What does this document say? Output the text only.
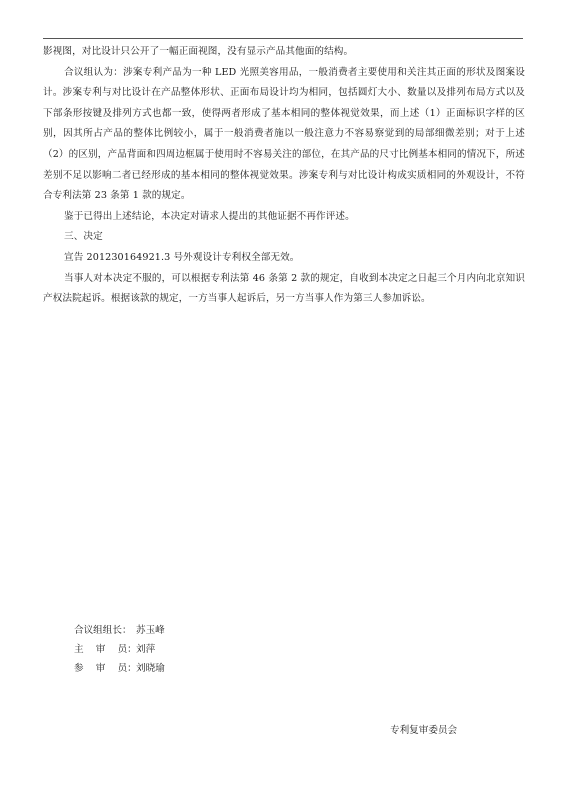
影视图，对比设计只公开了一幅正面视图，没有显示产品其他面的结构。

合议组认为：涉案专利产品为一种 LED 光照美容用品，一般消费者主要使用和关注其正面的形状及图案设计。涉案专利与对比设计在产品整体形状、正面布局设计均为相同，包括圆灯大小、数量以及排列布局方式以及下部条形按键及排列方式也都一致，使得两者形成了基本相同的整体视觉效果，而上述（1）正面标识字样的区别，因其所占产品的整体比例较小，属于一般消费者施以一般注意力不容易察觉到的局部细微差别；对于上述（2）的区别，产品背面和四周边框属于使用时不容易关注的部位，在其产品的尺寸比例基本相同的情况下，所述差别不足以影响二者已经形成的基本相同的整体视觉效果。涉案专利与对比设计构成实质相同的外观设计，不符合专利法第 23 条第 1 款的规定。

鉴于已得出上述结论，本决定对请求人提出的其他证据不再作评述。

三、决定

宣告 201230164921.3 号外观设计专利权全部无效。

当事人对本决定不服的，可以根据专利法第 46 条第 2 款的规定，自收到本决定之日起三个月内向北京知识产权法院起诉。根据该款的规定，一方当事人起诉后，另一方当事人作为第三人参加诉讼。

合议组组长： 苏玉峰
主    审    员： 刘萍
参    审    员： 刘晓瑜
专利复审委员会
